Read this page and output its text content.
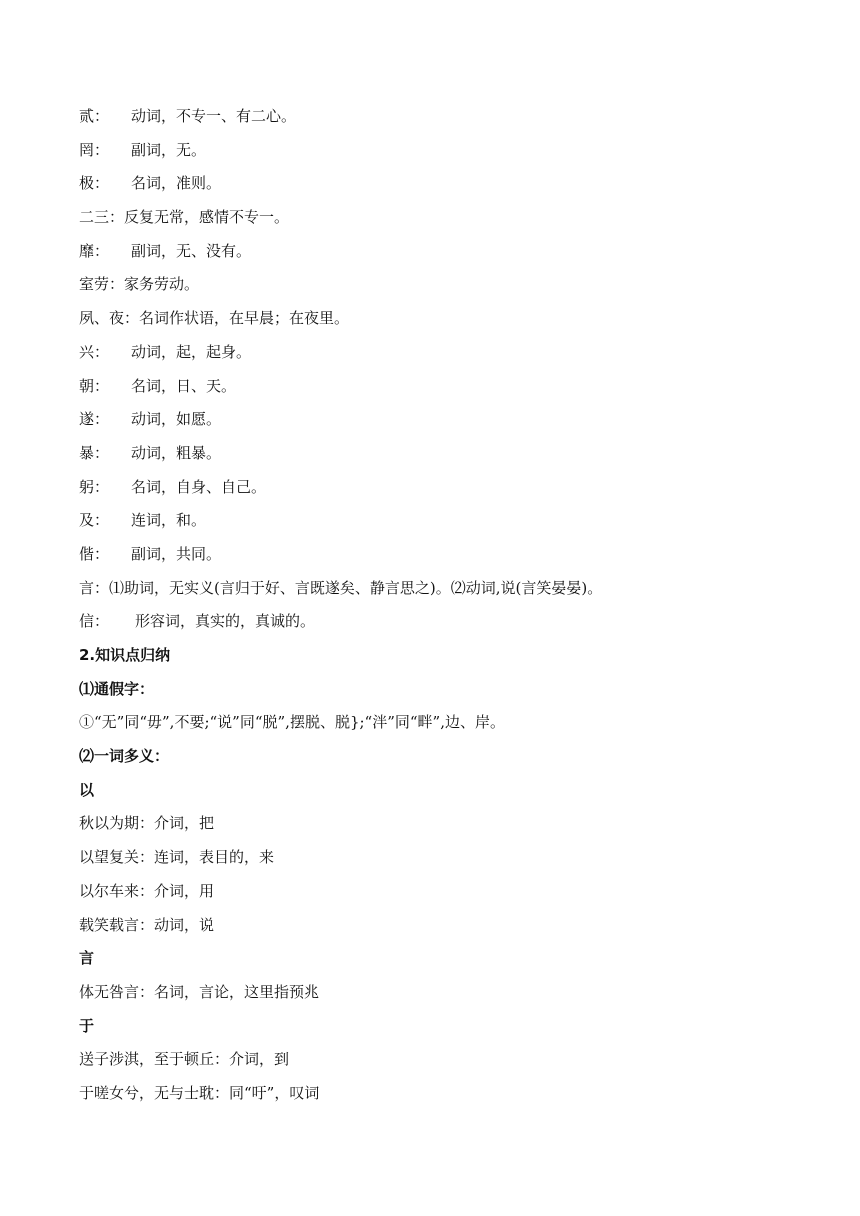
贰： 动词，不专一、有二心。
罔： 副词，无。
极： 名词，准则。
二三：反复无常，感情不专一。
靡： 副词，无、没有。
室劳：家务劳动。
夙、夜：名词作状语，在早晨；在夜里。
兴： 动词，起，起身。
朝： 名词，日、天。
遂： 动词，如愿。
暴： 动词，粗暴。
躬： 名词，自身、自己。
及： 连词，和。
偕： 副词，共同。
言：⑴助词，无实义(言归于好、言既遂矣、静言思之)。⑵动词,说(言笑晏晏)。
信： 形容词，真实的，真诚的。
2.知识点归纳
⑴通假字：
①“无”同“毋”,不要;“说”同“脱”,摆脱、脱};“泮”同“畔”,边、岸。
⑵一词多义：
以
秋以为期：介词，把
以望复关：连词，表目的，来
以尔车来：介词，用
载笑载言：动词，说
言
体无咎言：名词，言论，这里指预兆
于
送子涉淇，至于顿丘：介词，到
于嗟女兮，无与士耽：同“吁”，叹词
